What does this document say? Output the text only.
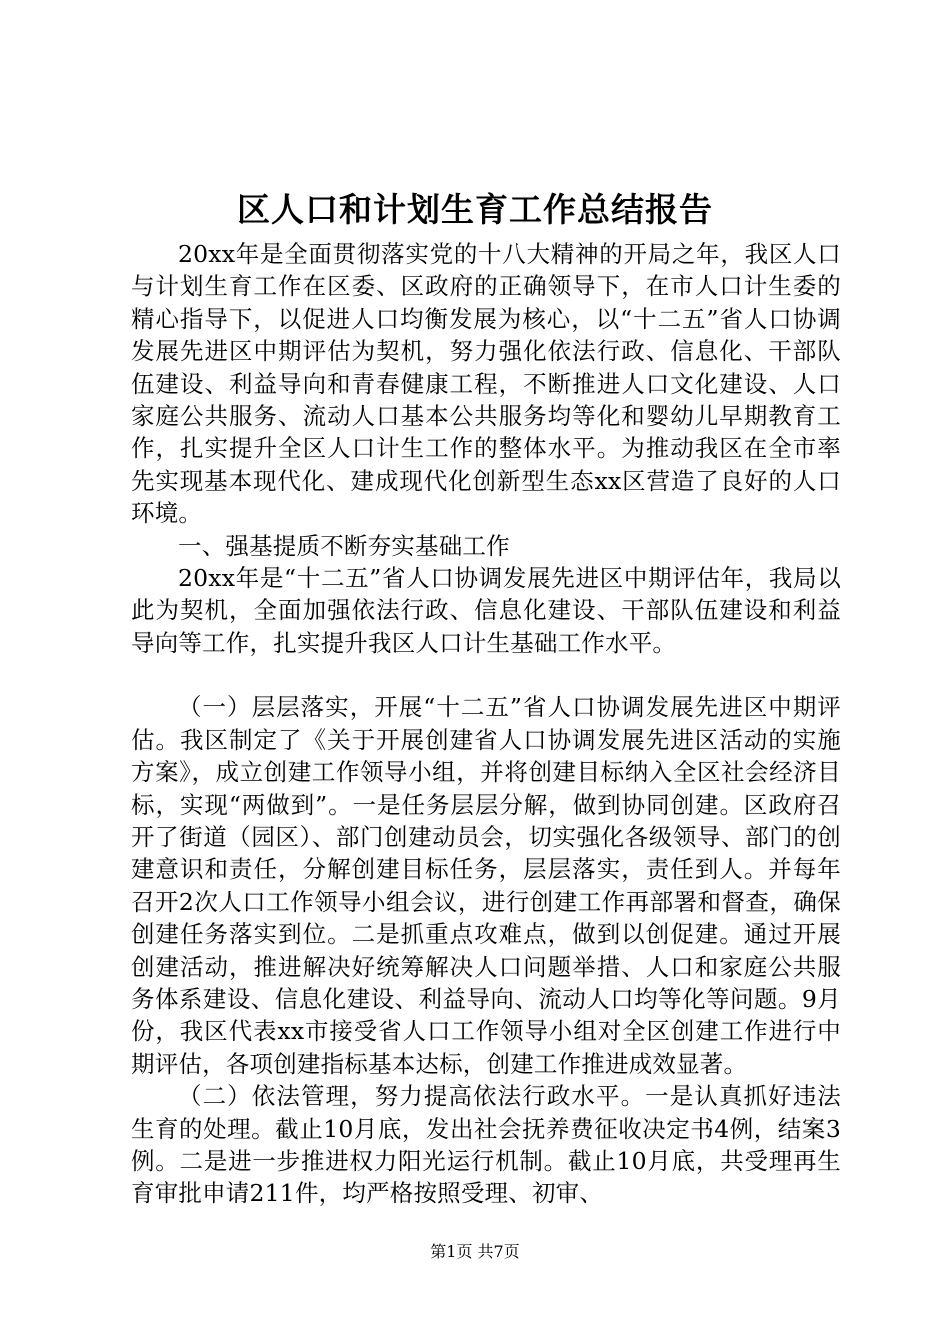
区人口和计划生育工作总结报告

20xx年是全面贯彻落实党的十八大精神的开局之年，我区人口与计划生育工作在区委、区政府的正确领导下，在市人口计生委的精心指导下，以促进人口均衡发展为核心，以“十二五”省人口协调发展先进区中期评估为契机，努力强化依法行政、信息化、干部队伍建设、利益导向和青春健康工程，不断推进人口文化建设、人口家庭公共服务、流动人口基本公共服务均等化和婴幼儿早期教育工作，扎实提升全区人口计生工作的整体水平。为推动我区在全市率先实现基本现代化、建成现代化创新型生态xx区营造了良好的人口环境。

一、强基提质不断夯实基础工作

20xx年是“十二五”省人口协调发展先进区中期评估年，我局以此为契机，全面加强依法行政、信息化建设、干部队伍建设和利益导向等工作，扎实提升我区人口计生基础工作水平。

（一）层层落实，开展“十二五”省人口协调发展先进区中期评估。我区制定了《关于开展创建省人口协调发展先进区活动的实施方案》，成立创建工作领导小组，并将创建目标纳入全区社会经济目标，实现“两做到”。一是任务层层分解，做到协同创建。区政府召开了街道（园区）、部门创建动员会，切实强化各级领导、部门的创建意识和责任，分解创建目标任务，层层落实，责任到人。并每年召开2次人口工作领导小组会议，进行创建工作再部署和督查，确保创建任务落实到位。二是抓重点攻难点，做到以创促建。通过开展创建活动，推进解决好统筹解决人口问题举措、人口和家庭公共服务体系建设、信息化建设、利益导向、流动人口均等化等问题。9月份，我区代表xx市接受省人口工作领导小组对全区创建工作进行中期评估，各项创建指标基本达标，创建工作推进成效显著。

（二）依法管理，努力提高依法行政水平。一是认真抓好违法生育的处理。截止10月底，发出社会抚养费征收决定书4例，结案3例。二是进一步推进权力阳光运行机制。截止10月底，共受理再生育审批申请211件，均严格按照受理、初审、

第1页 共7页
